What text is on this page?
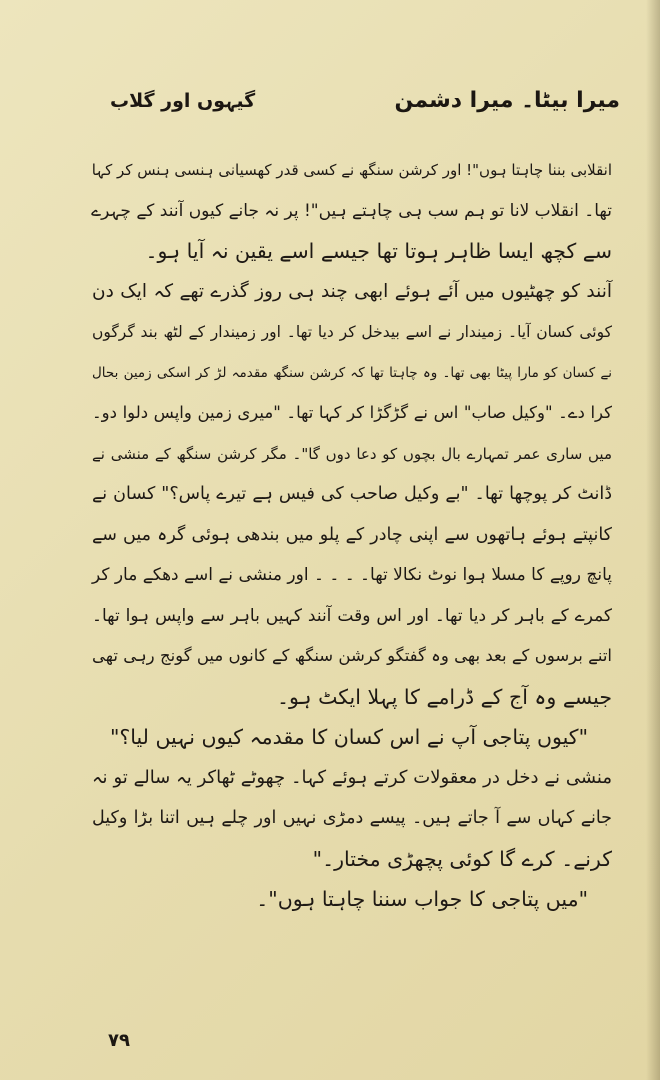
میرا بیٹا۔ میرا دشمن
گیہوں اور گلاب
انقلابی بننا چاہتا ہوں"! اور کرشن سنگھ نے کسی قدر کھسیانی ہنسی ہنس کر کہا
تھا۔ انقلاب لانا تو ہم سب ہی چاہتے ہیں"! پر نہ جانے کیوں آنند کے چہرے
سے کچھ ایسا ظاہر ہوتا تھا جیسے اسے یقین نہ آیا ہو۔
آنند کو چھٹیوں میں آئے ہوئے ابھی چند ہی روز گذرے تھے کہ ایک دن
کوئی کسان آیا۔ زمیندار نے اسے بیدخل کر دیا تھا۔ اور زمیندار کے لٹھ بند گرگوں
نے کسان کو مارا پیٹا بھی تھا۔ وہ چاہتا تھا کہ کرشن سنگھ مقدمہ لڑ کر اسکی زمین بحال
کرا دے۔ "وکیل صاب" اس نے گڑگڑا کر کہا تھا۔ "میری زمین واپس دلوا دو۔
میں ساری عمر تمہارے بال بچوں کو دعا دوں گا"۔ مگر کرشن سنگھ کے منشی نے
ڈانٹ کر پوچھا تھا۔ "بے وکیل صاحب کی فیس ہے تیرے پاس؟" کسان نے
کانپتے ہوئے ہاتھوں سے اپنی چادر کے پلو میں بندھی ہوئی گرہ میں سے
پانچ روپے کا مسلا ہوا نوٹ نکالا تھا۔ ۔ ۔ ۔ اور منشی نے اسے دھکے مار کر
کمرے کے باہر کر دیا تھا۔ اور اس وقت آنند کہیں باہر سے واپس ہوا تھا۔
اتنے برسوں کے بعد بھی وہ گفتگو کرشن سنگھ کے کانوں میں گونج رہی تھی
جیسے وہ آج کے ڈرامے کا پہلا ایکٹ ہو۔
"کیوں پتاجی آپ نے اس کسان کا مقدمہ کیوں نہیں لیا؟"
منشی نے دخل در معقولات کرتے ہوئے کہا۔ چھوٹے ٹھاکر یہ سالے تو نہ
جانے کہاں سے آ جاتے ہیں۔ پیسے دمڑی نہیں اور چلے ہیں اتنا بڑا وکیل
کرنے۔ کرے گا کوئی پچھڑی مختار۔"
"میں پتاجی کا جواب سننا چاہتا ہوں"۔
۷۹
